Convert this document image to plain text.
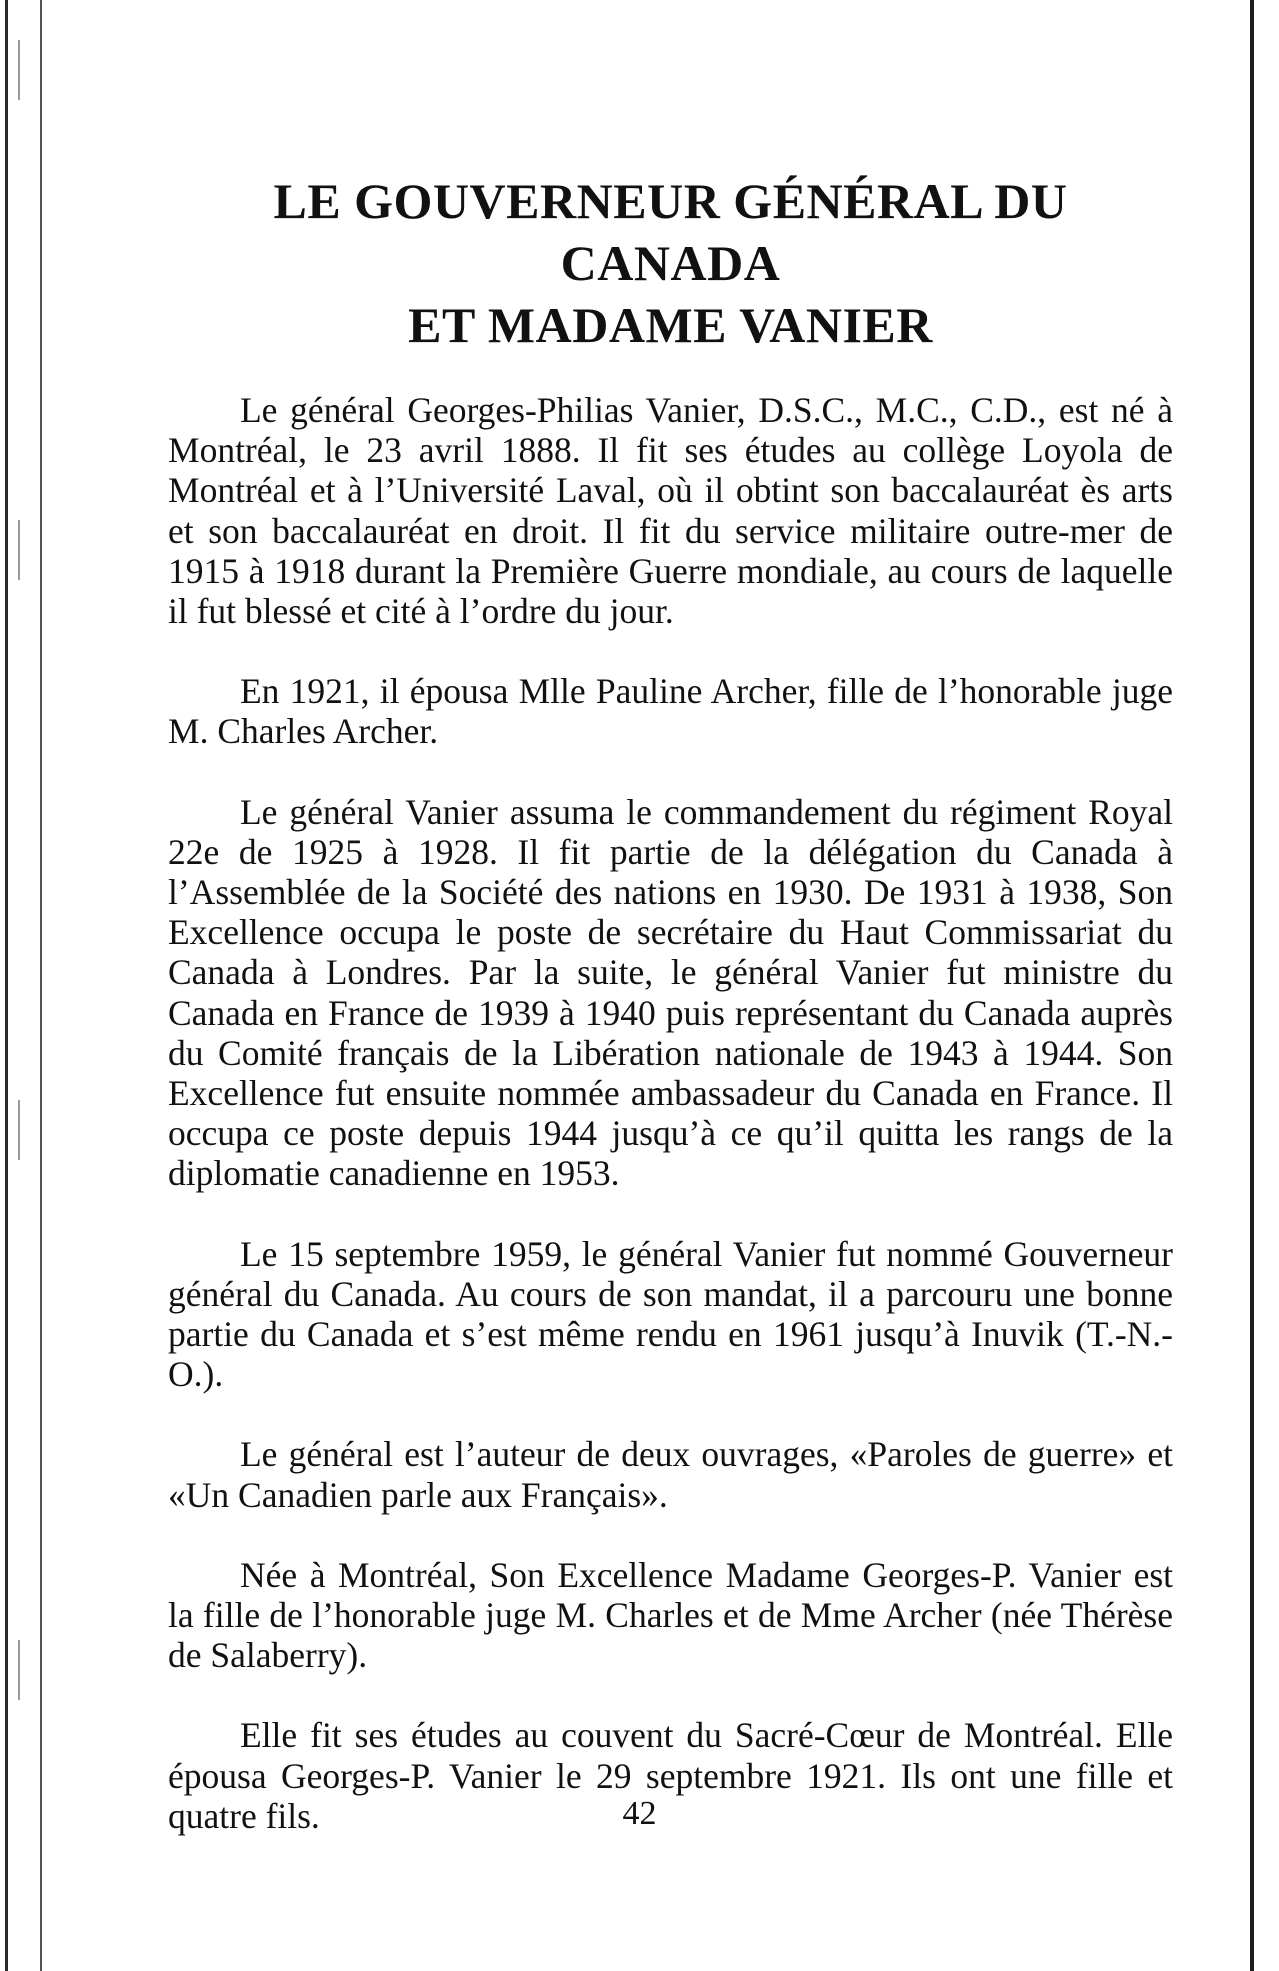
LE GOUVERNEUR GÉNÉRAL DU CANADA
ET MADAME VANIER

Le général Georges-Philias Vanier, D.S.C., M.C., C.D., est né à Montréal, le 23 avril 1888. Il fit ses études au collège Loyola de Montréal et à l’Université Laval, où il obtint son baccalauréat ès arts et son baccalauréat en droit. Il fit du service militaire outre-mer de 1915 à 1918 durant la Première Guerre mondiale, au cours de laquelle il fut blessé et cité à l’ordre du jour.

En 1921, il épousa Mlle Pauline Archer, fille de l’honorable juge M. Charles Archer.

Le général Vanier assuma le commandement du régiment Royal 22e de 1925 à 1928. Il fit partie de la délégation du Canada à l’Assemblée de la Société des nations en 1930. De 1931 à 1938, Son Excellence occupa le poste de secrétaire du Haut Commissariat du Canada à Londres. Par la suite, le général Vanier fut ministre du Canada en France de 1939 à 1940 puis représentant du Canada auprès du Comité français de la Libération nationale de 1943 à 1944. Son Excellence fut ensuite nommée ambassadeur du Canada en France. Il occupa ce poste depuis 1944 jusqu’à ce qu’il quitta les rangs de la diplomatie canadienne en 1953.

Le 15 septembre 1959, le général Vanier fut nommé Gouverneur général du Canada. Au cours de son mandat, il a parcouru une bonne partie du Canada et s’est même rendu en 1961 jusqu’à Inuvik (T.-N.-O.).

Le général est l’auteur de deux ouvrages, «Paroles de guerre» et «Un Canadien parle aux Français».

Née à Montréal, Son Excellence Madame Georges-P. Vanier est la fille de l’honorable juge M. Charles et de Mme Archer (née Thérèse de Salaberry).

Elle fit ses études au couvent du Sacré-Cœur de Montréal. Elle épousa Georges-P. Vanier le 29 septembre 1921. Ils ont une fille et quatre fils.	42
